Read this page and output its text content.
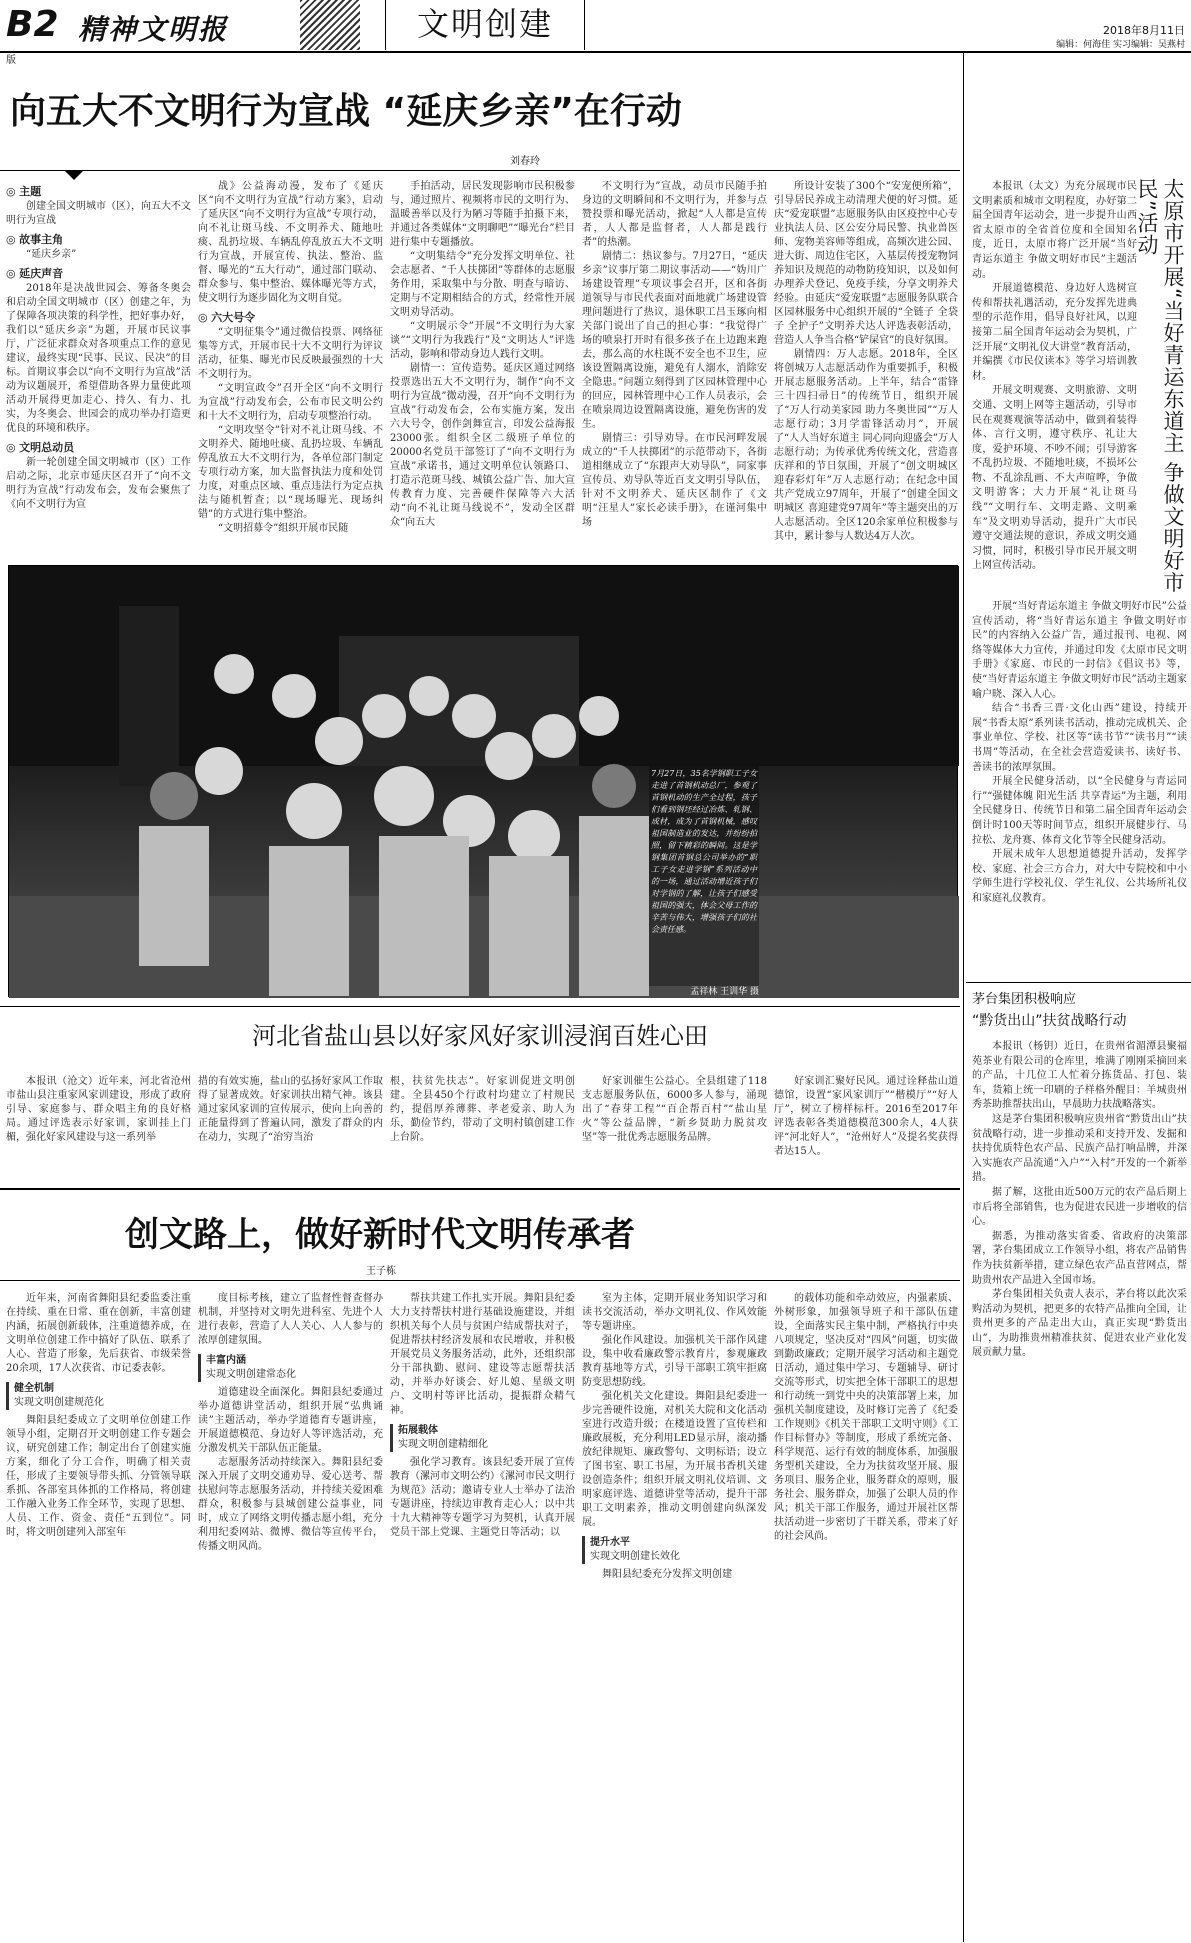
B2版
精神文明报	文明创建	2018年8月11日
编辑：何海佳 实习编辑：吴燕村
向五大不文明行为宣战 “延庆乡亲”在行动
刘春玲
◎ 主题

创建全国文明城市（区），向五大不文明行为宣战

◎ 故事主角

“延庆乡亲”

◎ 延庆声音

2018年是决战世园会、筹备冬奥会和启动全国文明城市（区）创建之年，为了保障各项决策的科学性，把好事办好，我们以“延庆乡亲”为题，开展市民议事厅，广泛征求群众对各项重点工作的意见建议，最终实现“民事、民议、民决”的目标。首期议事会以“向不文明行为宣战”活动为议题展开，希望借助各界力量使此项活动开展得更加走心、持久、有力、扎实，为冬奥会、世园会的成功举办打造更优良的环境和秩序。

◎ 文明总动员

新一轮创建全国文明城市（区）工作启动之际，北京市延庆区召开了“向不文明行为宣战”行动发布会，发布会聚焦了《向不文明行为宣

战》公益海动漫，发布了《延庆区“向不文明行为宣战”行动方案》，启动了延庆区“向不文明行为宣战”专项行动，向不礼让斑马线、不文明养犬、随地吐痰、乱扔垃圾、车辆乱停乱放五大不文明行为宣战，开展宣传、执法、整治、监督、曝光的“五大行动”，通过部门联动、群众参与、集中整治、媒体曝光等方式，使文明行为逐步固化为文明自觉。

◎ 六大号令

“文明征集令”通过微信投票、网络征集等方式，开展市民十大不文明行为评议活动，征集、曝光市民反映最强烈的十大不文明行为。

“文明宣政令”召开全区“向不文明行为宣战”行动发布会，公布市民文明公约和十大不文明行为，启动专项整治行动。

“文明攻坚令”针对不礼让斑马线、不文明养犬、随地吐痰、乱扔垃圾、车辆乱停乱放五大不文明行为，各单位部门制定专项行动方案，加大监督执法力度和处罚力度，对重点区域、重点违法行为定点执法与随机暂查；以“现场曝光、现场纠错”的方式进行集中整治。

“文明招募令”组织开展市民随

手拍活动，居民发现影响市民积极参与，通过照片、视频将市民的文明行为、温暖善举以及行为陋习等随手拍摄下来，并通过各类媒体“文明聊吧”“曝光台”栏目进行集中专题播放。

“文明集结令”充分发挥文明单位、社会志愿者、“千人扶掷团”等群体的志愿服务作用，采取集中与分散、明查与暗访、定期与不定期相结合的方式，经常性开展文明劝导活动。

“文明展示令”开展“不文明行为大家谈”“文明行为我践行”及“文明达人”评选活动，影响和带动身边人践行文明。

剧情一：宣传造势。延庆区通过网络投票选出五大不文明行为，制作“向不文明行为宣战”微动漫，召开“向不文明行为宣战”行动发布会，公布实施方案，发出六大号令，创作剑舞宣言，印发公益海报23000张。组织全区二级班子单位的20000名党员干部签订了“向不文明行为宣战”承诺书，通过文明单位认领路口、打造示范斑马线、城镇公益广告、加大宣传教育力度、完善硬件保障等六大活动“向不礼让斑马线说不”，发动全区群众“向五大

不文明行为”宣战，动员市民随手拍身边的文明瞬间和不文明行为，并参与点赞投票和曝光活动，掀起“人人都是宣传者，人人都是监督者，人人都是践行者”的热潮。

剧情二：热议参与。7月27日，“延庆乡亲”议事厅第二期议事活动——“妫川广场建设管理”专项议事会召开，区和各街道领导与市民代表面对面地就广场建设管理问题进行了热议，退休职工吕玉琢向相关部门说出了自己的担心事：“我觉得广场的喷泉打开时有很多孩子在上边跑来跑去，那么高的水柱既不安全也不卫生，应该设置隔离设施，避免有人溺水，消除安全隐患。”问题立刻得到了区园林管理中心的回应，园林管理中心工作人员表示，会在喷泉周边设置隔离设施，避免伤害的发生。

剧情三：引导劝导。在市民河畔发展成立的“千人扶掷团”的示范带动下，各街道相继成立了“东跟声大劝导队”，同家事宣传员、劝导队等近百支文明引导队伍，针对不文明养犬、延庆区制作了《文明“汪星人”家长必读手册》，在谨河集中场

所设计安装了300个“安宠便所箱”，引导居民养成主动清理犬便的好习惯。延庆“爱宠联盟”志愿服务队由区疫控中心专业执法人员、区公安分局民警、执业兽医师、宠物美容师等组成，高频次进公园、进大街、周边住宅区，入基层传授宠物饲养知识及规范的动物防疫知识，以及如何办理养犬登记、免疫手续，分享文明养犬经验。由延庆“爱宠联盟”志愿服务队联合区园林服务中心组织开展的“全链子 全袋子 全护子”文明养犬达人评选表彰活动，营造人人争当合格“铲屎官”的良好氛围。

剧情四：万人志愿。2018年，全区将创城万人志愿活动作为重要抓手，积极开展志愿服务活动。上半年，结合“雷锋三十四扫帚日”的传统节日，组织开展了“万人行动美家园 助力冬奥世园”“万人志愿行动；3月学雷锋活动月”，开展了“人人当好东道主 同心同向迎盛会”万人志愿行动；为传承优秀传统文化，营造喜庆祥和的节日氛围，开展了“创文明城区 迎春彩灯年”万人志愿行动；在纪念中国共产党成立97周年，开展了“创建全国文明城区 喜迎建党97周年”等主题突出的万人志愿活动。全区120余家单位积极参与其中，累计参与人数达4万人次。

7月27日，35名学钢职工子女走进了首钢机动总厂，参观了首钢机动的生产全过程，孩子们看到钢坯经过冶炼、轧钢、成材，成为了首钢机械，感叹祖国制造业的发达，并纷纷拍照，留下精彩的瞬间。这是学钢集团首钢总公司举办的“职工子女走进学钢”系列活动中的一场，通过活动增近孩子们对学钢的了解，让孩子们感受祖国的强大，体会父母工作的辛苦与伟大，增强孩子们的社会责任感。
孟祥林 王训华 摄
河北省盐山县以好家风好家训浸润百姓心田
本报讯（沧文）近年来，河北省沧州市盐山县注重家风家训建设，形成了政府引导、家庭参与、群众唱主角的良好格局。通过评选表示好家训，家训挂上门楣，强化好家风建设与这一系列举
措的有效实施，盐山的弘扬好家风工作取得了显著成效。好家训扶出精气神。该县通过家风家训的宣传展示，使向上向善的正能量得到了普遍认同，激发了群众的内在动力，实现了“治穷当治
根，扶贫先扶志”。好家训促进文明创建。全县450个行政村均建立了村规民约，提倡厚养薄葬、孝老爱亲、助人为乐，勤俭节约，带动了文明村镇创建工作上台阶。
好家训催生公益心。全县组建了118支志愿服务队伍，6000多人参与，涌现出了“春芽工程”“百企帮百村”“盐山星火”等公益品牌，“新乡贤助力脱贫攻坚”等一批优秀志愿服务品牌。
好家训汇聚好民风。通过诠释盐山道德馆，设置“家风家训厅”“楷模厅”“好人厅”，树立了榜样标杆。2016至2017年评选表彰各类道德模范300余人，4人获评“河北好人”，“沧州好人”及提名奖获得者达15人。
创文路上，做好新时代文明传承者
王子栋

近年来，河南省舞阳县纪委监委注重在持续、重在日常、重在创新，丰富创建内涵，拓展创新载体，注重道德养成，在文明单位创建工作中搞好了队伍、联系了人心、营造了形象，先后获省、市级荣誉20余项，17人次获省、市记委表彰。

健全机制
实现文明创建规范化

舞阳县纪委成立了文明单位创建工作领导小组，定期召开文明创建工作专题会议，研究创建工作；制定出台了创建实施方案，细化了分工合作，明确了相关责任，形成了主要领导带头抓、分管领导联系抓、各部室具体抓的工作格局，将创建工作融入业务工作全环节，实现了思想、人员、工作、资金、责任“五到位”。同时，将文明创建列入部室年

度目标考核，建立了监督性督查督办机制，并坚持对文明先进科室、先进个人进行表彰，营造了人人关心、人人参与的浓厚创建氛围。

丰富内涵
实现文明创建常态化

道德建设全面深化。舞阳县纪委通过举办道德讲堂活动，组织开展“弘典诵读”主题活动，举办学道德育专题讲座，开展道德模范、身边好人等评选活动，充分激发机关干部队伍正能量。

志愿服务活动持续深入。舞阳县纪委深入开展了文明交通劝导、爱心送考、帮扶慰问等志愿服务活动，并持续关爱困难群众，积极参与县城创建公益事业，同时，成立了网络文明传播志愿小组，充分利用纪委网站、微博、微信等宣传平台，传播文明风尚。

帮扶共建工作扎实开展。舞阳县纪委大力支持帮扶村进行基础设施建设，并组织机关每个人员与贫困户结成帮扶对子，促进帮扶村经济发展和农民增收，并积极开展党员义务服务活动，此外，还组织部分干部执勤、慰问、建设等志愿帮扶活动，并举办好谈会、好儿媳、星级文明户、文明村等评比活动，提振群众精气神。

拓展载体
实现文明创建精细化

强化学习教育。该县纪委开展了宣传教育（漯河市文明公约）《漯河市民文明行为规范》活动；邀请专业人士举办了法治专题讲座，持续边审教育走心人；以中共十九大精神等专题学习为契机，认真开展党员干部上党课、主题党日等活动；以

室为主体，定期开展业务知识学习和读书交流活动，举办文明礼仪、作风效能等专题讲座。

强化作风建设。加强机关干部作风建设，集中收看廉政警示教育片，参观廉政教育基地等方式，引导干部职工筑牢拒腐防变思想防线。

强化机关文化建设。舞阳县纪委进一步完善硬件设施，对机关大院和文化活动室进行改造升级；在楼道设置了宣传栏和廉政展板，充分利用LED显示屏，滚动播放纪律规矩、廉政警句、文明标语；设立了图书室、职工书屋，为开展书香机关建设创造条件；组织开展文明礼仪培训、文明家庭评选、道德讲堂等活动，提升干部职工文明素养，推动文明创建向纵深发展。

提升水平
实现文明创建长效化

舞阳县纪委充分发挥文明创建

的载体功能和牵动效应，内强素质、外树形象，加强领导班子和干部队伍建设，全面落实民主集中制，严格执行中央八项规定，坚决反对“四风”问题，切实做到勤政廉政；定期开展学习活动和主题党日活动，通过集中学习、专题辅导、研讨交流等形式，切实把全体干部职工的思想和行动统一到党中央的决策部署上来，加强机关制度建设，及时修订完善了《纪委工作规则》《机关干部职工文明守则》《工作目标督办》等制度，形成了系统完备、科学规范、运行有效的制度体系，加强服务型机关建设，全力为扶贫攻坚开展、服务项目、服务企业，服务群众的原则，服务社会、服务群众，加强了公职人员的作风；机关干部工作服务，通过开展社区帮扶活动进一步密切了干群关系，带来了好的社会风尚。

太原市开展“当好青运东道主 争做文明好市民”活动

本报讯（太文）为充分展现市民文明素质和城市文明程度，办好第二届全国青年运动会，进一步提升山西省太原市的全省首位度和全国知名度，近日，太原市将广泛开展“当好青运东道主 争做文明好市民”主题活动。

开展道德模范、身边好人选树宣传和帮扶礼遇活动，充分发挥先进典型的示范作用，倡导良好社风，以迎接第二届全国青年运动会为契机，广泛开展“文明礼仪大讲堂”教育活动，并编撰《市民仪读本》等学习培训教材。

开展文明观赛、文明旅游、文明交通、文明上网等主题活动，引导市民在观赛观演等活动中，做到着装得体、言行文明，遵守秩序、礼让大度，爱护环境、不吵不闹；引导游客不乱扔垃圾、不随地吐痰，不损坏公物、不乱涂乱画、不大声喧哗，争做文明游客；大力开展“礼让斑马线”“文明行车、文明走路、文明乘车”及文明劝导活动，提升广大市民遵守交通法规的意识，养成文明交通习惯，同时，积极引导市民开展文明上网宣传活动。

茅台集团积极响应
“黔货出山”扶贫战略行动

本报讯（杨钥）近日，在贵州省湄潭县聚福苑茶业有限公司的仓库里，堆满了刚刚采摘回来的产品，十几位工人忙着分拣货品、打包、装车，货箱上统一印刷的子样格外醒目：羊城贵州秀茶助推帮扶出山，早晨助力扶战略落实。

这是茅台集团积极响应贵州省“黔货出山”扶贫战略行动，进一步推动采和支持开发、发掘和扶持优质特色农产品、民族产品打响品牌，并深入实施农产品流通“入户”“入村”开发的一个新举措。

据了解，这批由近500万元的农产品后期上市后将全部销售，也为促进农民进一步增收的信心。

据悉，为推动落实省委、省政府的决策部署，茅台集团成立工作领导小组，将农产品销售作为扶贫新举措，建立绿色农产品直营网点，帮助贵州农产品进入全国市场。

茅台集团相关负责人表示，茅台将以此次采购活动为契机，把更多的农特产品推向全国，让贵州更多的产品走出大山，真正实现“黔货出山”，为助推贵州精准扶贫、促进农业产业化发展贡献力量。

开展“当好青运东道主 争做文明好市民”公益宣传活动，将“当好青运东道主 争做文明好市民”的内容纳入公益广告，通过报刊、电视、网络等媒体大力宣传，并通过印发《太原市民文明手册》《家庭、市民的一封信》《倡议书》等，使“当好青运东道主 争做文明好市民”活动主题家喻户晓、深入人心。

结合“书香三晋·文化山西”建设，持续开展“书香太原”系列读书活动，推动完成机关、企事业单位、学校、社区等“读书节”“读书月”“读书周”等活动，在全社会营造爱读书、读好书、善读书的浓厚氛围。

开展全民健身活动，以“全民健身与青运同行”“强健体魄 阳光生活 共享青运”为主题，利用全民健身日、传统节日和第二届全国青年运动会倒计时100天等时间节点，组织开展健步行、马拉松、龙舟赛、体育文化节等全民健身活动。

开展未成年人思想道德提升活动，发挥学校、家庭、社会三方合力，对大中专院校和中小学师生进行学校礼仪、学生礼仪、公共场所礼仪和家庭礼仪教育。
